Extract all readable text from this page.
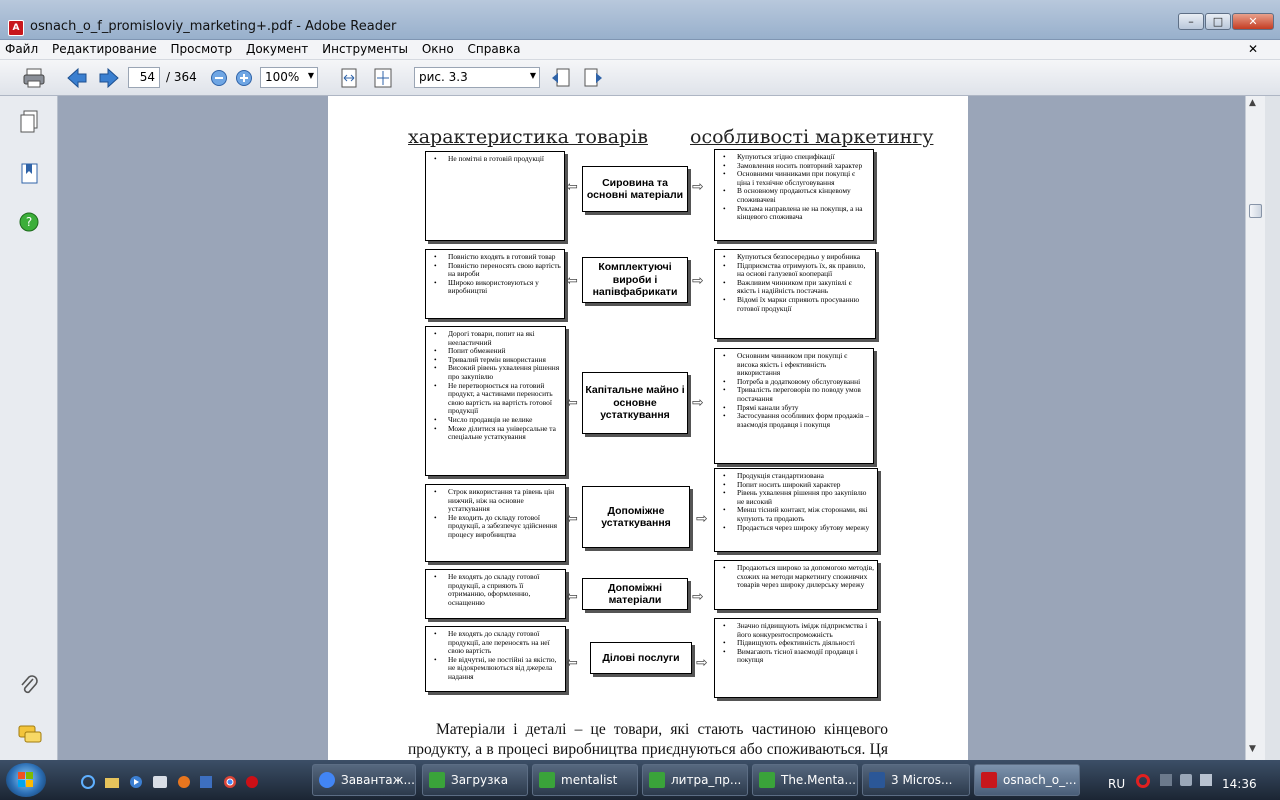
A osnach_o_f_promisloviy_marketing+.pdf - Adobe Reader	–	□	✕
Файл Редактирование Просмотр Документ Инструменты Окно Справка	✕
54 / 364	100% ▼	рис. 3.3	▼
?
характеристика товарів особливості маркетингу
• Не помітні в готовій продукції
⇦	Сировина та основні матеріали ⇨
• Купуються згідно специфікації
• Замовлення носить повторний характер
• Основними чинниками при покупці є ціна і технічне обслуговування
• В основному продаються кінцевому споживачеві
• Реклама направлена не на покупця, а на кінцевого споживача
• Повністю входять в готовий товар
• Повністю переносять свою вартість на вироби
• Широко використовуються у виробництві
⇦
Комплектуючі вироби і напівфабрикати
⇨
• Купуються безпосередньо у виробника
• Підприємства отримують їх, як правило, на основі галузевої кооперації
• Важливим чинником при закупівлі є якість і надійність постачань
• Відомі їх марки сприяють просуванню готової продукції
• Дорогі товари, попит на які нееластичний
• Попит обмежений
• Тривалий термін використання
• Високий рівень ухвалення рішення про закупівлю
• Не перетворюється на готовий продукт, а частинами переносить свою вартість на вартість готової продукції
• Число продавців не велике
• Може ділитися на універсальне та спеціальне устаткування
⇦
Капітальне майно і основне устаткування
⇨
• Основним чинником при покупці є висока якість і ефективність використання
• Потреба в додатковому обслуговуванні
• Тривалість переговорів по поводу умов постачання
• Прямі канали збуту
• Застосування особливих форм продажів – взаємодія продавця і покупця
• Строк використання та рівень цін нижчий, ніж на основне устаткування
• Не входить до складу готової продукції, а забезпечує здійснення процесу виробництва
⇦
Допоміжне устаткування	⇨
• Продукція стандартизована
• Попит носить широкий характер
• Рівень ухвалення рішення про закупівлю не високий
• Менш тісний контакт, між сторонами, які купують та продають
• Продається через широку збутову мережу
• Не входять до складу готової продукції, а сприяють її отриманню, оформленню, оснащенню	⇦
Допоміжні матеріали	⇨
• Продаються широко за допомогою методів, схожих на методи маркетингу споживчих товарів через широку дилерську мережу
• Не входять до складу готової продукції, але переносять на неї свою вартість
• Не відчутні, не постійні за якістю, не відокремлюються від джерела надання
⇦	Ділові послуги	⇨
• Значно підвищують імідж підприємства і його конкурентоспроможність
• Підвищують ефективність діяльності
• Вимагають тісної взаємодії продавця і покупця
Матеріали і деталі – це товари, які стають частиною кінцевого продукту, а в процесі виробництва приєднуються або споживаються. Ця
▲
▼
Завантаж...	Загрузка	mentalist	литра_пр...	The.Menta...	3 Micros...	osnach_o_...	RU	14:36
